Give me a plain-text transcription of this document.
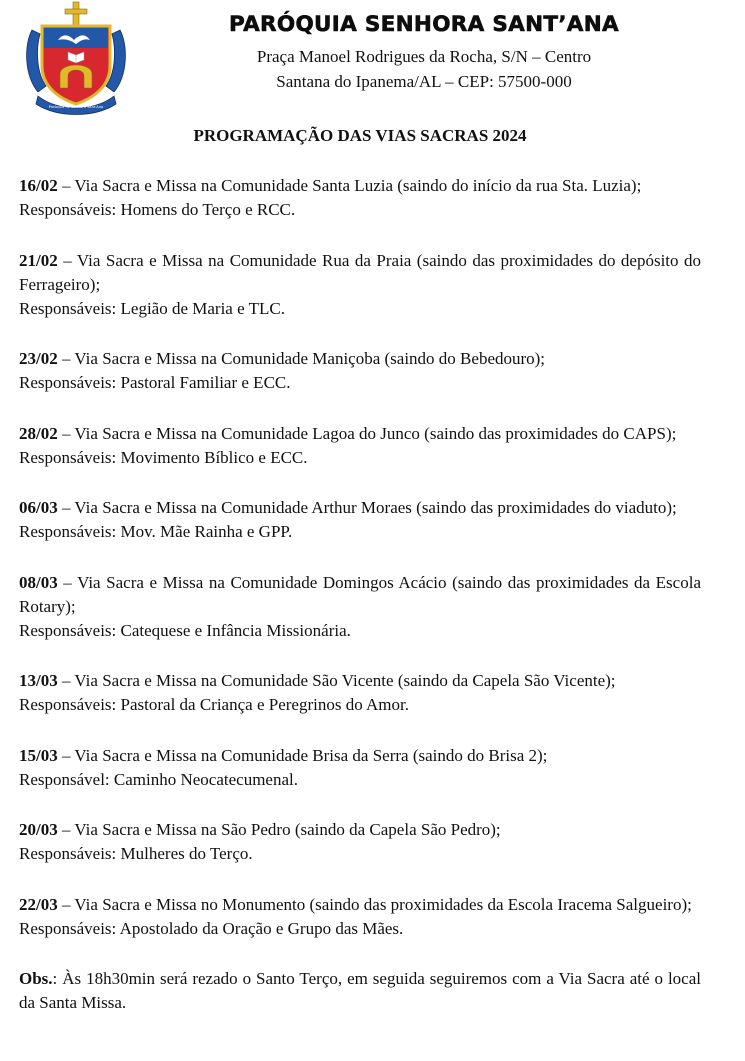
Paróquia de Senhora Sant'Ana
PARÓQUIA SENHORA SANT’ANA
Praça Manoel Rodrigues da Rocha, S/N – Centro
Santana do Ipanema/AL – CEP: 57500-000
PROGRAMAÇÃO DAS VIAS SACRAS 2024

16/02 – Via Sacra e Missa na Comunidade Santa Luzia (saindo do início da rua Sta. Luzia);

Responsáveis: Homens do Terço e RCC.

21/02 – Via Sacra e Missa na Comunidade Rua da Praia (saindo das proximidades do depósito do Ferrageiro);

Responsáveis: Legião de Maria e TLC.

23/02 – Via Sacra e Missa na Comunidade Maniçoba (saindo do Bebedouro);

Responsáveis: Pastoral Familiar e ECC.

28/02 – Via Sacra e Missa na Comunidade Lagoa do Junco (saindo das proximidades do CAPS);

Responsáveis: Movimento Bíblico e ECC.

06/03 – Via Sacra e Missa na Comunidade Arthur Moraes (saindo das proximidades do viaduto);

Responsáveis: Mov. Mãe Rainha e GPP.

08/03 – Via Sacra e Missa na Comunidade Domingos Acácio (saindo das proximidades da Escola Rotary);

Responsáveis: Catequese e Infância Missionária.

13/03 – Via Sacra e Missa na Comunidade São Vicente (saindo da Capela São Vicente);

Responsáveis: Pastoral da Criança e Peregrinos do Amor.

15/03 – Via Sacra e Missa na Comunidade Brisa da Serra (saindo do Brisa 2);

Responsável: Caminho Neocatecumenal.

20/03 – Via Sacra e Missa na São Pedro (saindo da Capela São Pedro);

Responsáveis: Mulheres do Terço.

22/03 – Via Sacra e Missa no Monumento (saindo das proximidades da Escola Iracema Salgueiro);

Responsáveis: Apostolado da Oração e Grupo das Mães.

Obs.: Às 18h30min será rezado o Santo Terço, em seguida seguiremos com a Via Sacra até o local da Santa Missa.
